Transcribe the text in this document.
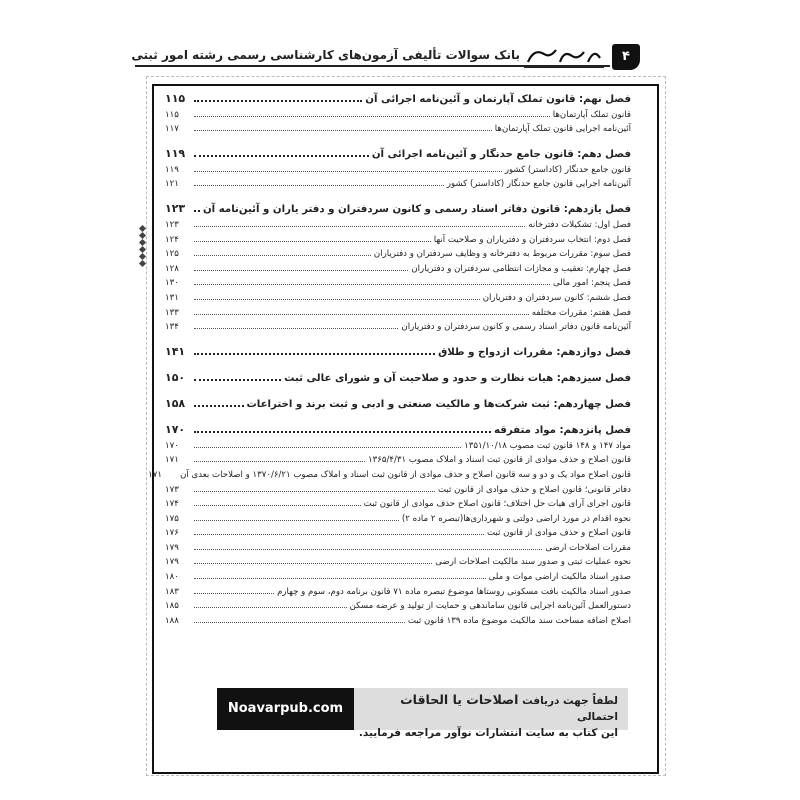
بانک سوالات تألیفی آزمون‌های کارشناسی رسمی رشته امور ثبتی	۴
فصل نهم: قانون تملک آپارتمان و آئین‌نامه اجرائی آن
۱۱۵
قانون تملک آپارتمان‌ها
۱۱۵
آئین‌نامه اجرایی قانون تملک آپارتمان‌ها
۱۱۷
فصل دهم: قانون جامع حدنگار و آئین‌نامه اجرائی آن
۱۱۹
قانون جامع حدنگار (کاداستر) کشور
۱۱۹
آئین‌نامه اجرایی قانون جامع حدنگار (کاداستر) کشور
۱۲۱
فصل یازدهم: قانون دفاتر اسناد رسمی و کانون سردفتران و دفتر یاران و آئین‌نامه آن
۱۲۳
فصل اول: تشکیلات دفترخانه
۱۲۳
فصل دوم: انتخاب سردفتران و دفتریاران و صلاحیت آنها
۱۲۴
فصل سوم: مقررات مربوط به دفترخانه و وظایف سردفتران و دفتریاران
۱۲۵
فصل چهارم: تعقیب و مجازات انتظامی سردفتران و دفتریاران
۱۲۸
فصل پنجم: امور مالی
۱۳۰
فصل ششم: کانون سردفتران و دفتریاران
۱۳۱
فصل هفتم: مقررات مختلفه
۱۳۳
آئین‌نامه قانون دفاتر اسناد رسمی و کانون سردفتران و دفتریاران
۱۳۴
فصل دوازدهم: مقررات ازدواج و طلاق
۱۴۱
فصل سیزدهم: هیات نظارت و حدود و صلاحیت آن و شورای عالی ثبت
۱۵۰
فصل چهاردهم: ثبت شرکت‌ها و مالکیت صنعتی و ادبی و ثبت برند و اختراعات
۱۵۸
فصل پانزدهم: مواد متفرقه
۱۷۰
مواد ۱۴۷ و ۱۴۸ قانون ثبت مصوب ۱۳۵۱/۱۰/۱۸
۱۷۰
قانون اصلاح و حذف موادی از قانون ثبت اسناد و املاک مصوب ۱۳۶۵/۴/۳۱
۱۷۱
قانون اصلاح مواد یک و دو و سه قانون اصلاح و حذف موادی از قانون ثبت اسناد و املاک مصوب ۱۳۷۰/۶/۲۱ و اصلاحات بعدی آن
۱۷۱
دفاتر قانونی؛ قانون اصلاح و حذف موادی از قانون ثبت
۱۷۳
قانون اجرای آرای هیات حل اختلاف؛ قانون اصلاح حذف موادی از قانون ثبت
۱۷۴
نحوه اقدام در مورد اراضی دولتی و شهرداری‌ها(تبصره ۲ ماده ۲)
۱۷۵
قانون اصلاح و حذف موادی از قانون ثبت
۱۷۶
مقررات اصلاحات ارضی
۱۷۹
نحوه عملیات ثبتی و صدور سند مالکیت اصلاحات ارضی
۱۷۹
صدور اسناد مالکیت اراضی موات و ملی
۱۸۰
صدور اسناد مالکیت بافت مسکونی روستاها موضوع تبصره ماده ۷۱ قانون برنامه دوم، سوم و چهارم
۱۸۳
دستورالعمل آئین‌نامه اجرایی قانون ساماندهی و حمایت از تولید و عرضه مسکن
۱۸۵
اصلاح اضافه مساحت سند مالکیت موضوع ماده ۱۳۹ قانون ثبت
۱۸۸
Noavarpub.com	لطفاً جهت دریافت اصلاحات یا الحاقات احتمالی
این کتاب به سایت انتشارات نوآور مراجعه فرمایید.
